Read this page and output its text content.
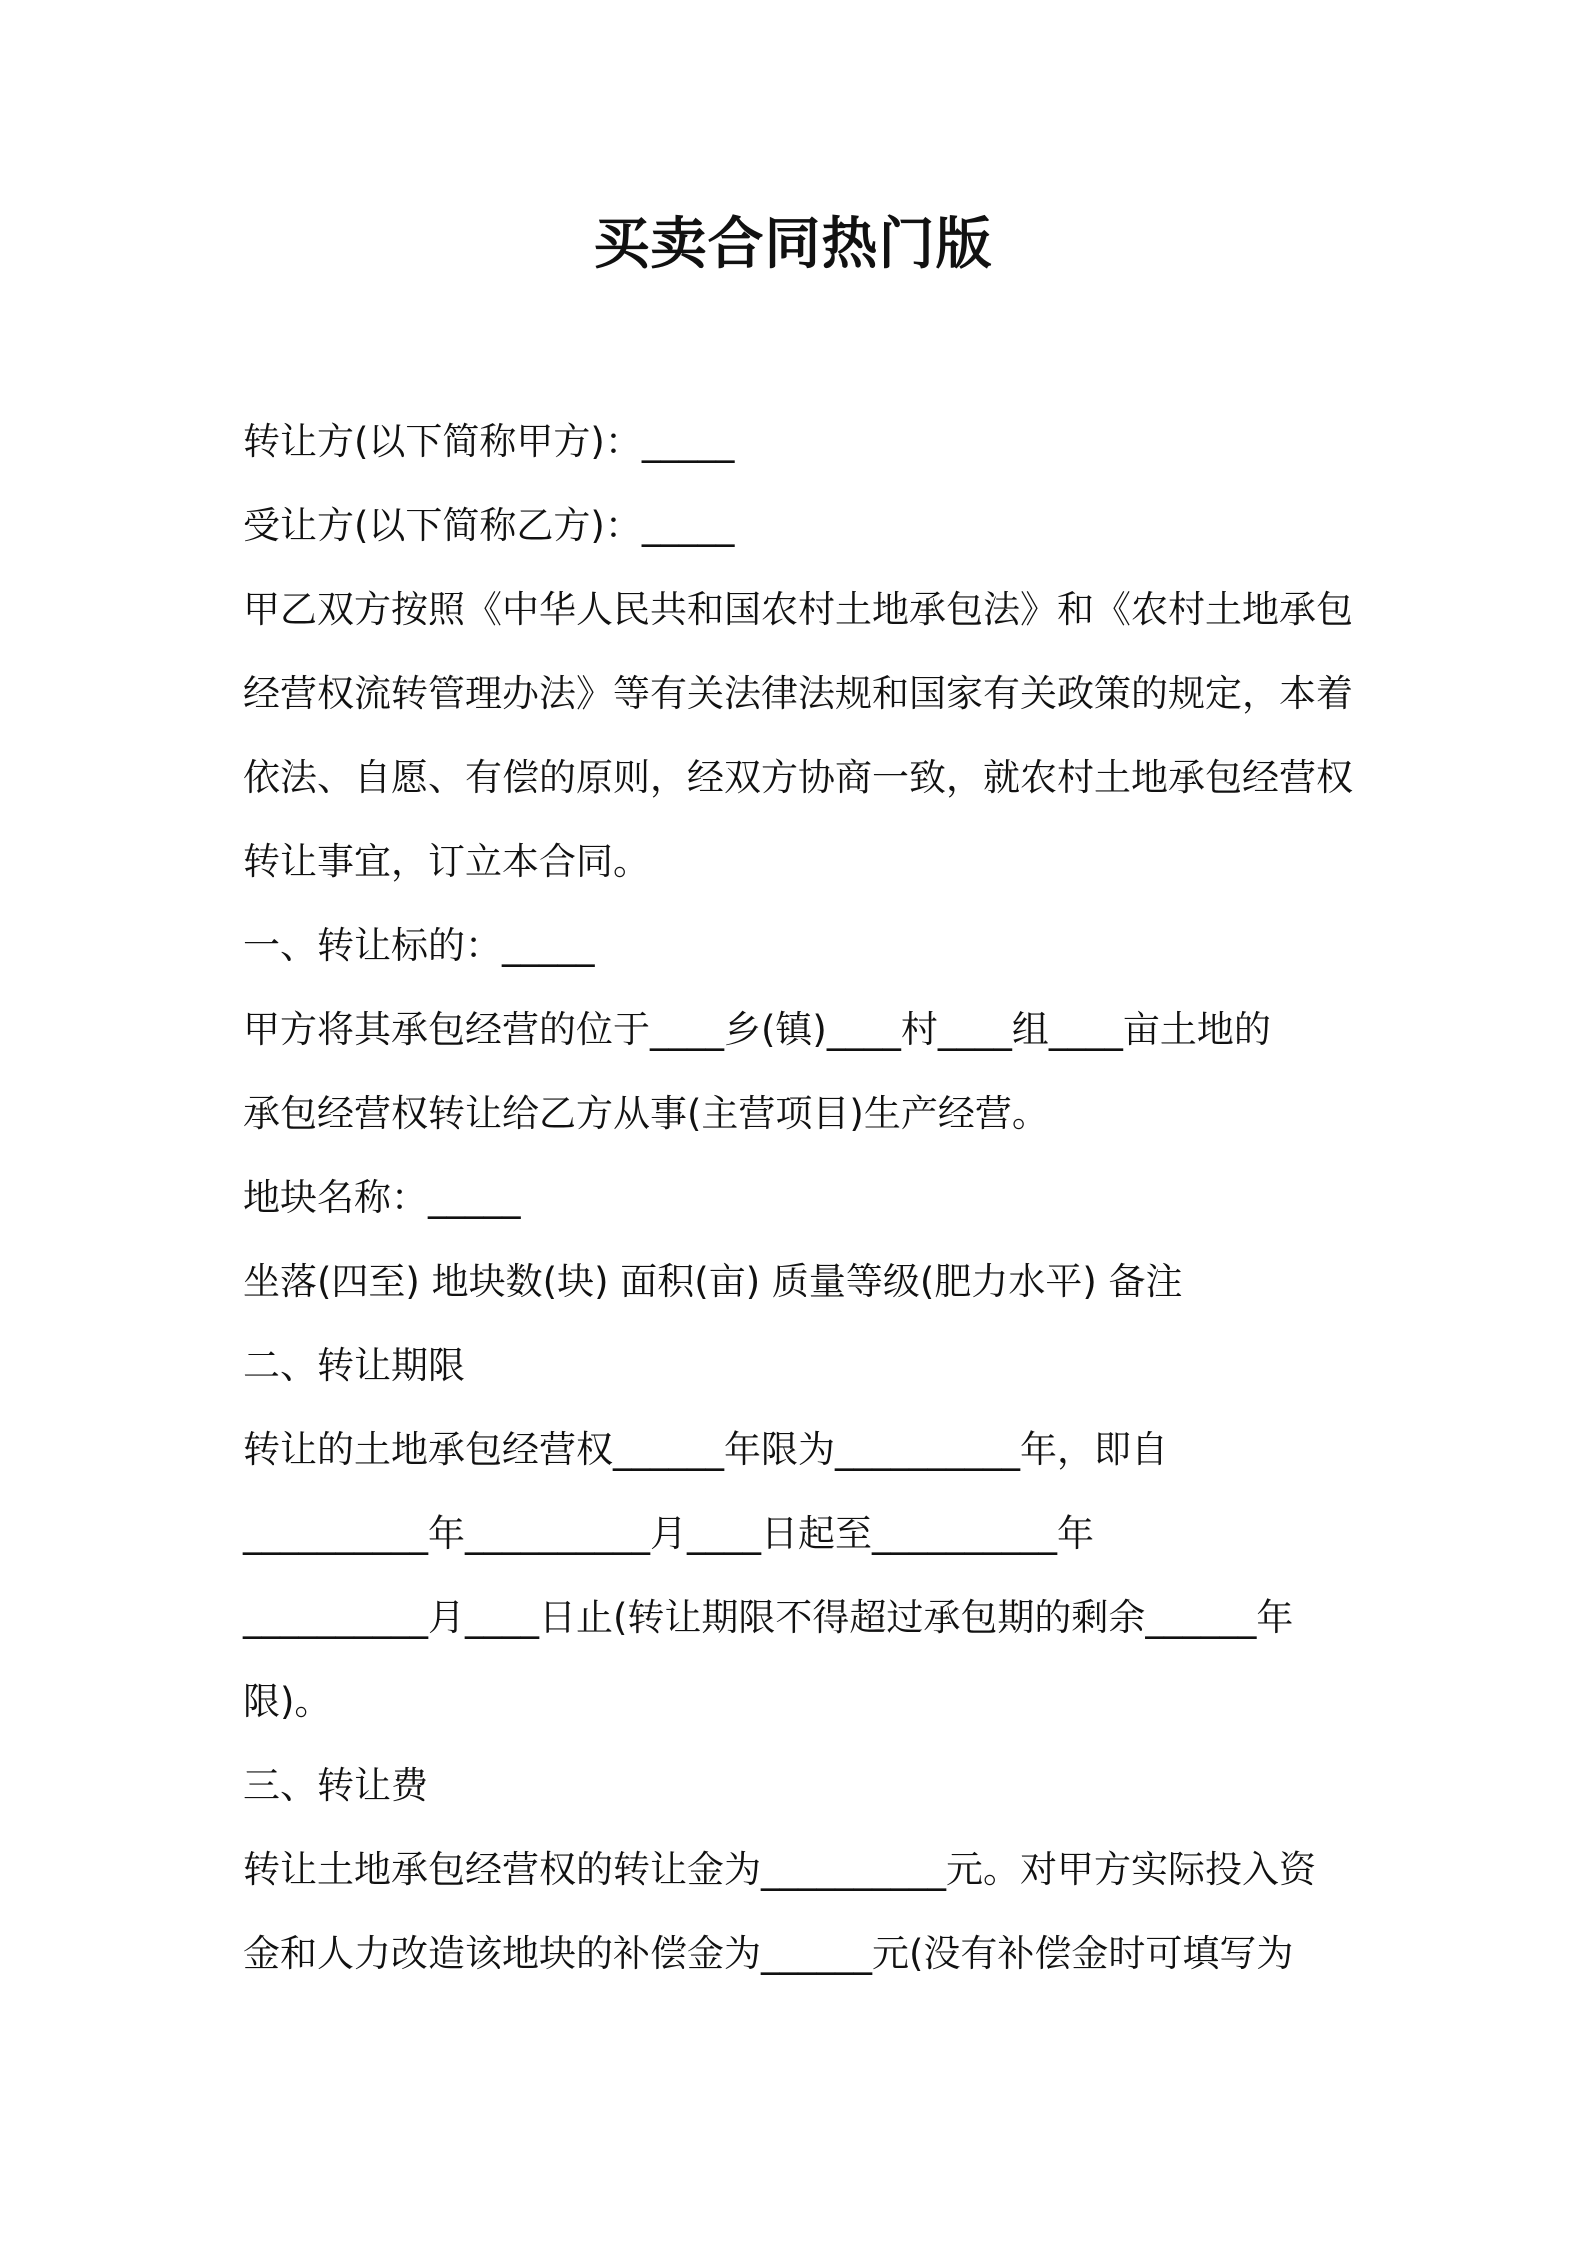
买卖合同热门版

转让方(以下简称甲方)：_____

受让方(以下简称乙方)：_____

甲乙双方按照《中华人民共和国农村土地承包法》和《农村土地承包

经营权流转管理办法》等有关法律法规和国家有关政策的规定，本着

依法、自愿、有偿的原则，经双方协商一致，就农村土地承包经营权

转让事宜，订立本合同。

一、转让标的：_____

甲方将其承包经营的位于____乡(镇)____村____组____亩土地的

承包经营权转让给乙方从事(主营项目)生产经营。

地块名称：_____

坐落(四至) 地块数(块) 面积(亩) 质量等级(肥力水平) 备注

二、转让期限

转让的土地承包经营权______年限为__________年，即自

__________年__________月____日起至__________年

__________月____日止(转让期限不得超过承包期的剩余______年

限)。

三、转让费

转让土地承包经营权的转让金为__________元。对甲方实际投入资

金和人力改造该地块的补偿金为______元(没有补偿金时可填写为
